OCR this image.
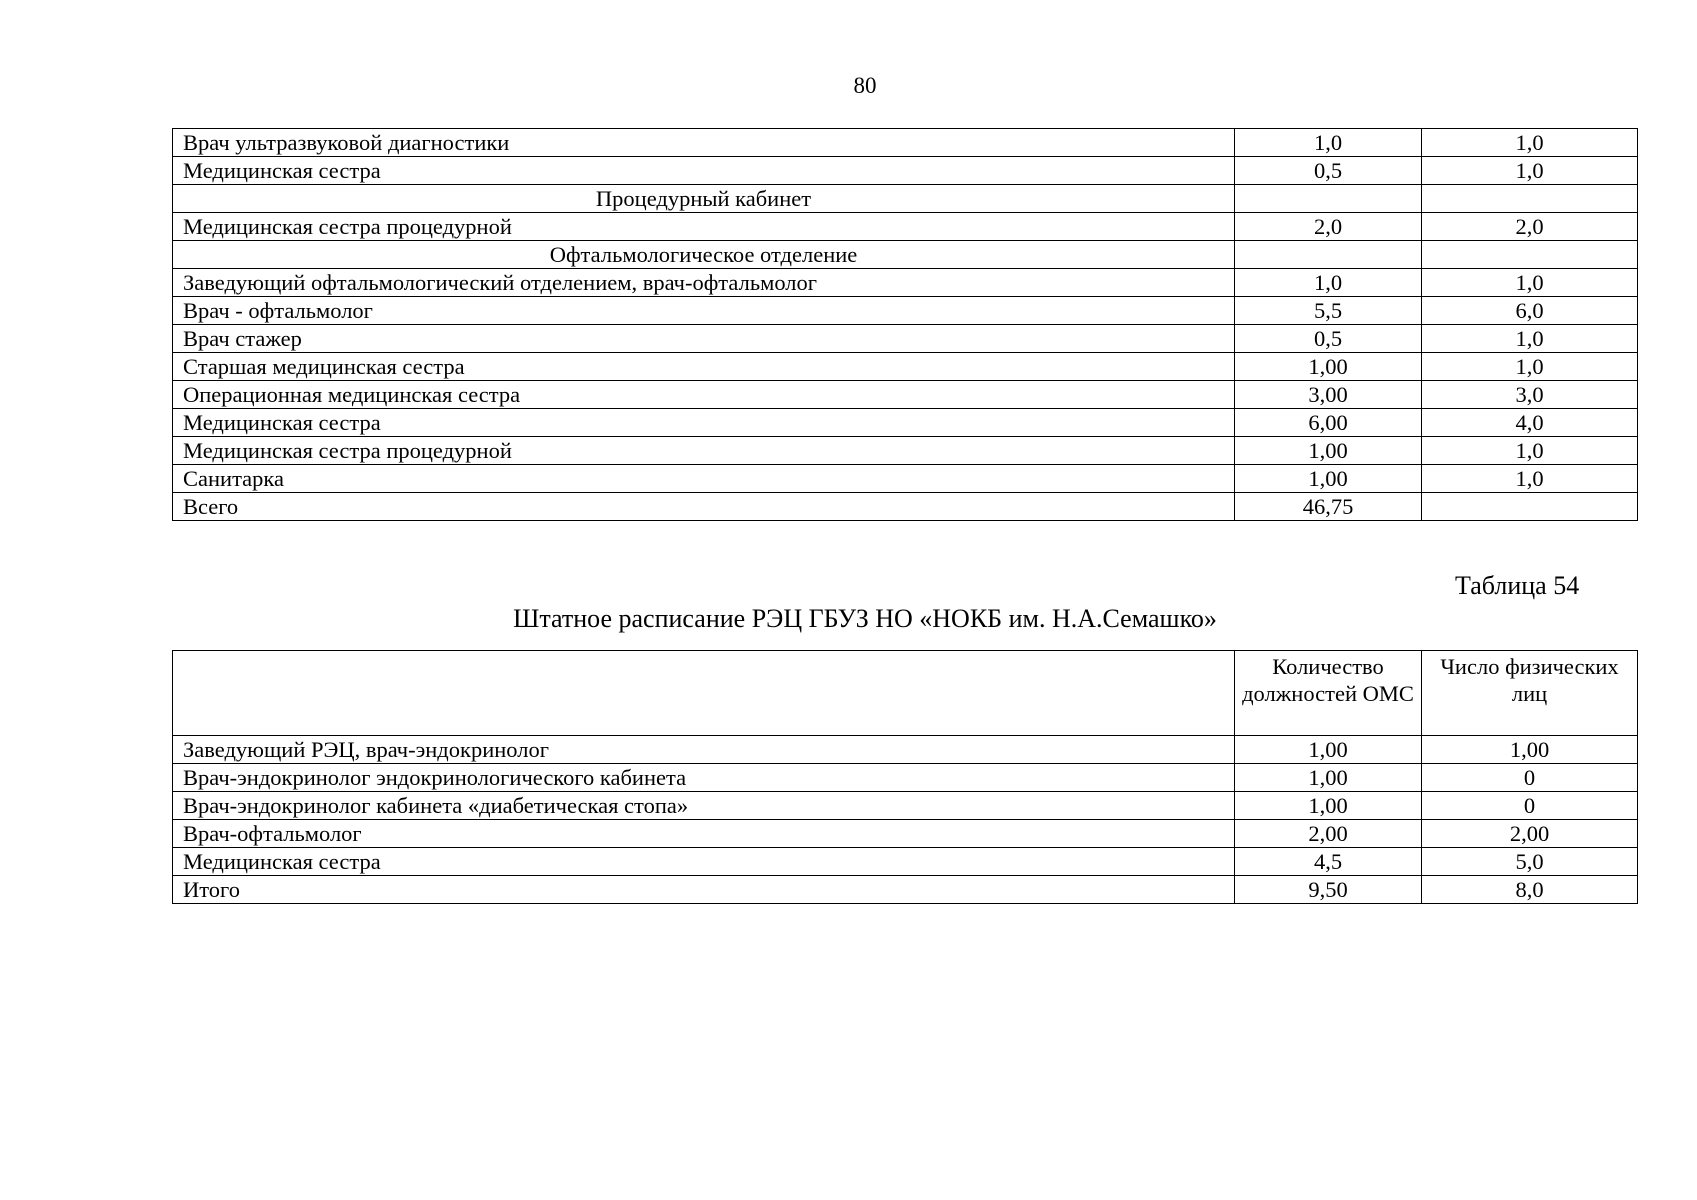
80
Врач ультразвуковой диагностики	1,0	1,0
Медицинская сестра	0,5	1,0
Процедурный кабинет		
Медицинская сестра процедурной	2,0	2,0
Офтальмологическое отделение		
Заведующий офтальмологический отделением, врач-офтальмолог	1,0	1,0
Врач - офтальмолог	5,5	6,0
Врач стажер	0,5	1,0
Старшая медицинская сестра	1,00	1,0
Операционная медицинская сестра	3,00	3,0
Медицинская сестра	6,00	4,0
Медицинская сестра процедурной	1,00	1,0
Санитарка	1,00	1,0
Всего	46,75	
Таблица 54
Штатное расписание РЭЦ ГБУЗ НО «НОКБ им. Н.А.Семашко»
	Количество должностей ОМС	Число физических лиц
Заведующий РЭЦ, врач-эндокринолог	1,00	1,00
Врач-эндокринолог эндокринологического кабинета	1,00	0
Врач-эндокринолог кабинета «диабетическая стопа»	1,00	0
Врач-офтальмолог	2,00	2,00
Медицинская сестра	4,5	5,0
Итого	9,50	8,0
